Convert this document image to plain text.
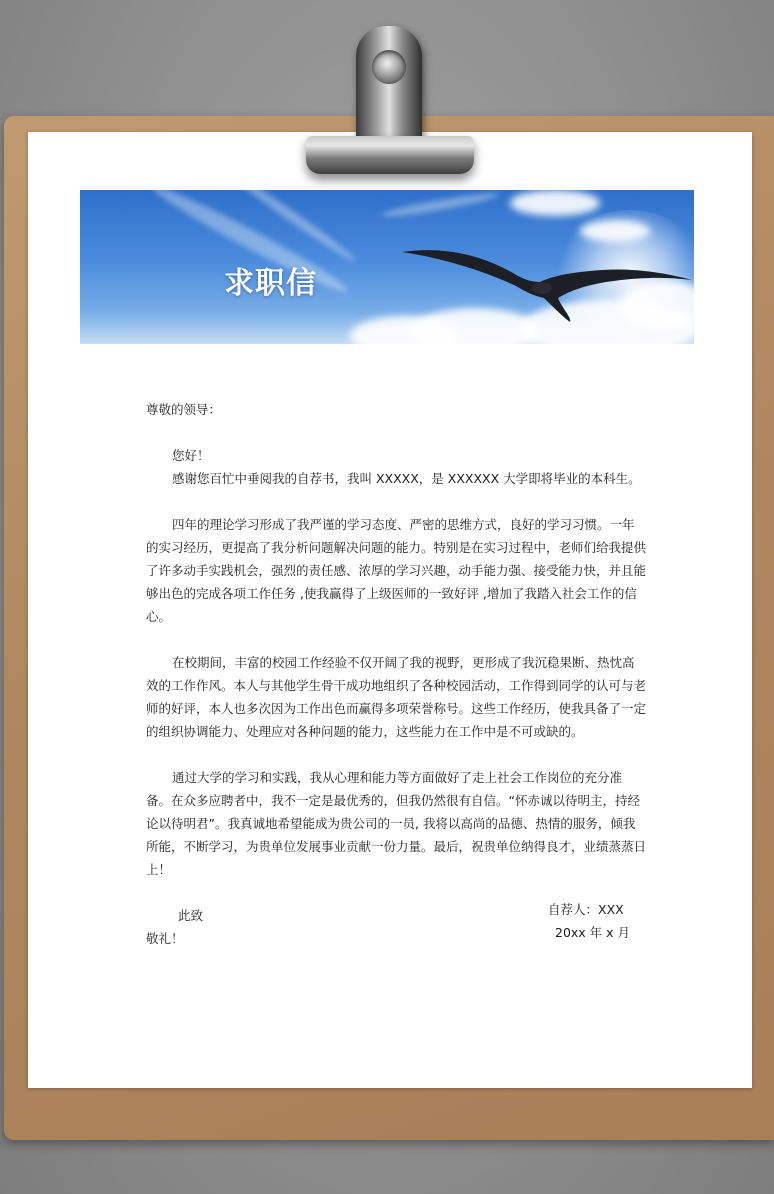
求职信

尊敬的领导：

您好！

感谢您百忙中垂阅我的自荐书，我叫 XXXXX，是 XXXXXX 大学即将毕业的本科生。

四年的理论学习形成了我严谨的学习态度、严密的思维方式，良好的学习习惯。一年的实习经历，更提高了我分析问题解决问题的能力。特别是在实习过程中，老师们给我提供了许多动手实践机会，强烈的责任感、浓厚的学习兴趣，动手能力强、接受能力快，并且能够出色的完成各项工作任务 ,使我赢得了上级医师的一致好评 ,增加了我踏入社会工作的信心。

在校期间，丰富的校园工作经验不仅开阔了我的视野，更形成了我沉稳果断、热忱高效的工作作风。本人与其他学生骨干成功地组织了各种校园活动，工作得到同学的认可与老师的好评，本人也多次因为工作出色而赢得多项荣誉称号。这些工作经历，使我具备了一定的组织协调能力、处理应对各种问题的能力，这些能力在工作中是不可或缺的。

通过大学的学习和实践，我从心理和能力等方面做好了走上社会工作岗位的充分准备。在众多应聘者中，我不一定是最优秀的，但我仍然很有自信。“怀赤诚以待明主，持经论以待明君”。我真诚地希望能成为贵公司的一员, 我将以高尚的品德、热情的服务，倾我所能，不断学习，为贵单位发展事业贡献一份力量。最后，祝贵单位纳得良才，业绩蒸蒸日上！

此致

敬礼！

自荐人：XXX
20xx 年 x 月
